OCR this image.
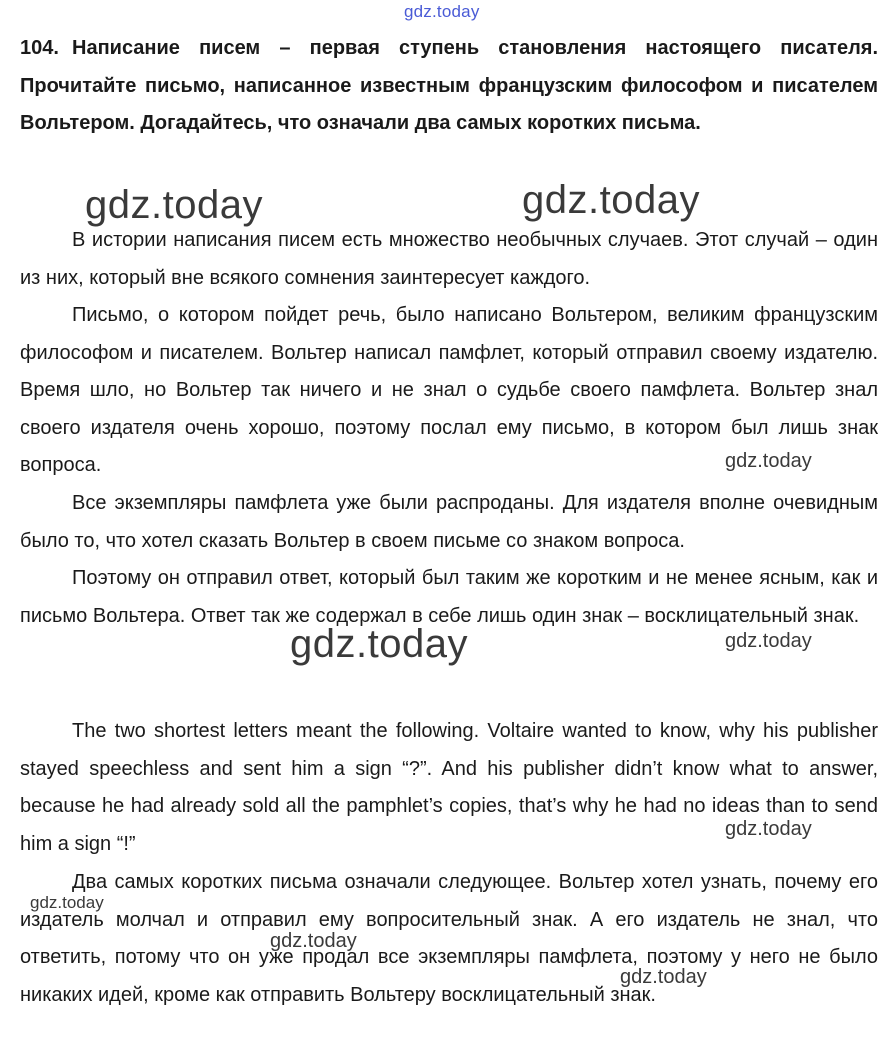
gdz.today
104. Написание писем – первая ступень становления настоящего писателя. Прочитайте письмо, написанное известным французским философом и писателем Вольтером. Догадайтесь, что означали два самых коротких письма.

В истории написания писем есть множество необычных случаев. Этот случай – один из них, который вне всякого сомнения заинтересует каждого.

Письмо, о котором пойдет речь, было написано Вольтером, великим французским философом и писателем. Вольтер написал памфлет, который отправил своему издателю. Время шло, но Вольтер так ничего и не знал о судьбе своего памфлета. Вольтер знал своего издателя очень хорошо, поэтому послал ему письмо, в котором был лишь знак вопроса.

Все экземпляры памфлета уже были распроданы. Для издателя вполне очевидным было то, что хотел сказать Вольтер в своем письме со знаком вопроса.

Поэтому он отправил ответ, который был таким же коротким и не менее ясным, как и письмо Вольтера. Ответ так же содержал в себе лишь один знак – восклицательный знак.

The two shortest letters meant the following. Voltaire wanted to know, why his publisher stayed speechless and sent him a sign “?”. And his publisher didn’t know what to answer, because he had already sold all the pamphlet’s copies, that’s why he had no ideas than to send him a sign “!”

Два самых коротких письма означали следующее. Вольтер хотел узнать, почему его издатель молчал и отправил ему вопросительный знак. А его издатель не знал, что ответить, потому что он уже продал все экземпляры памфлета, поэтому у него не было никаких идей, кроме как отправить Вольтеру восклицательный знак.

gdz.today	gdz.today
gdz.today
gdz.today	gdz.today
gdz.today
gdz.today
gdz.today
gdz.today
